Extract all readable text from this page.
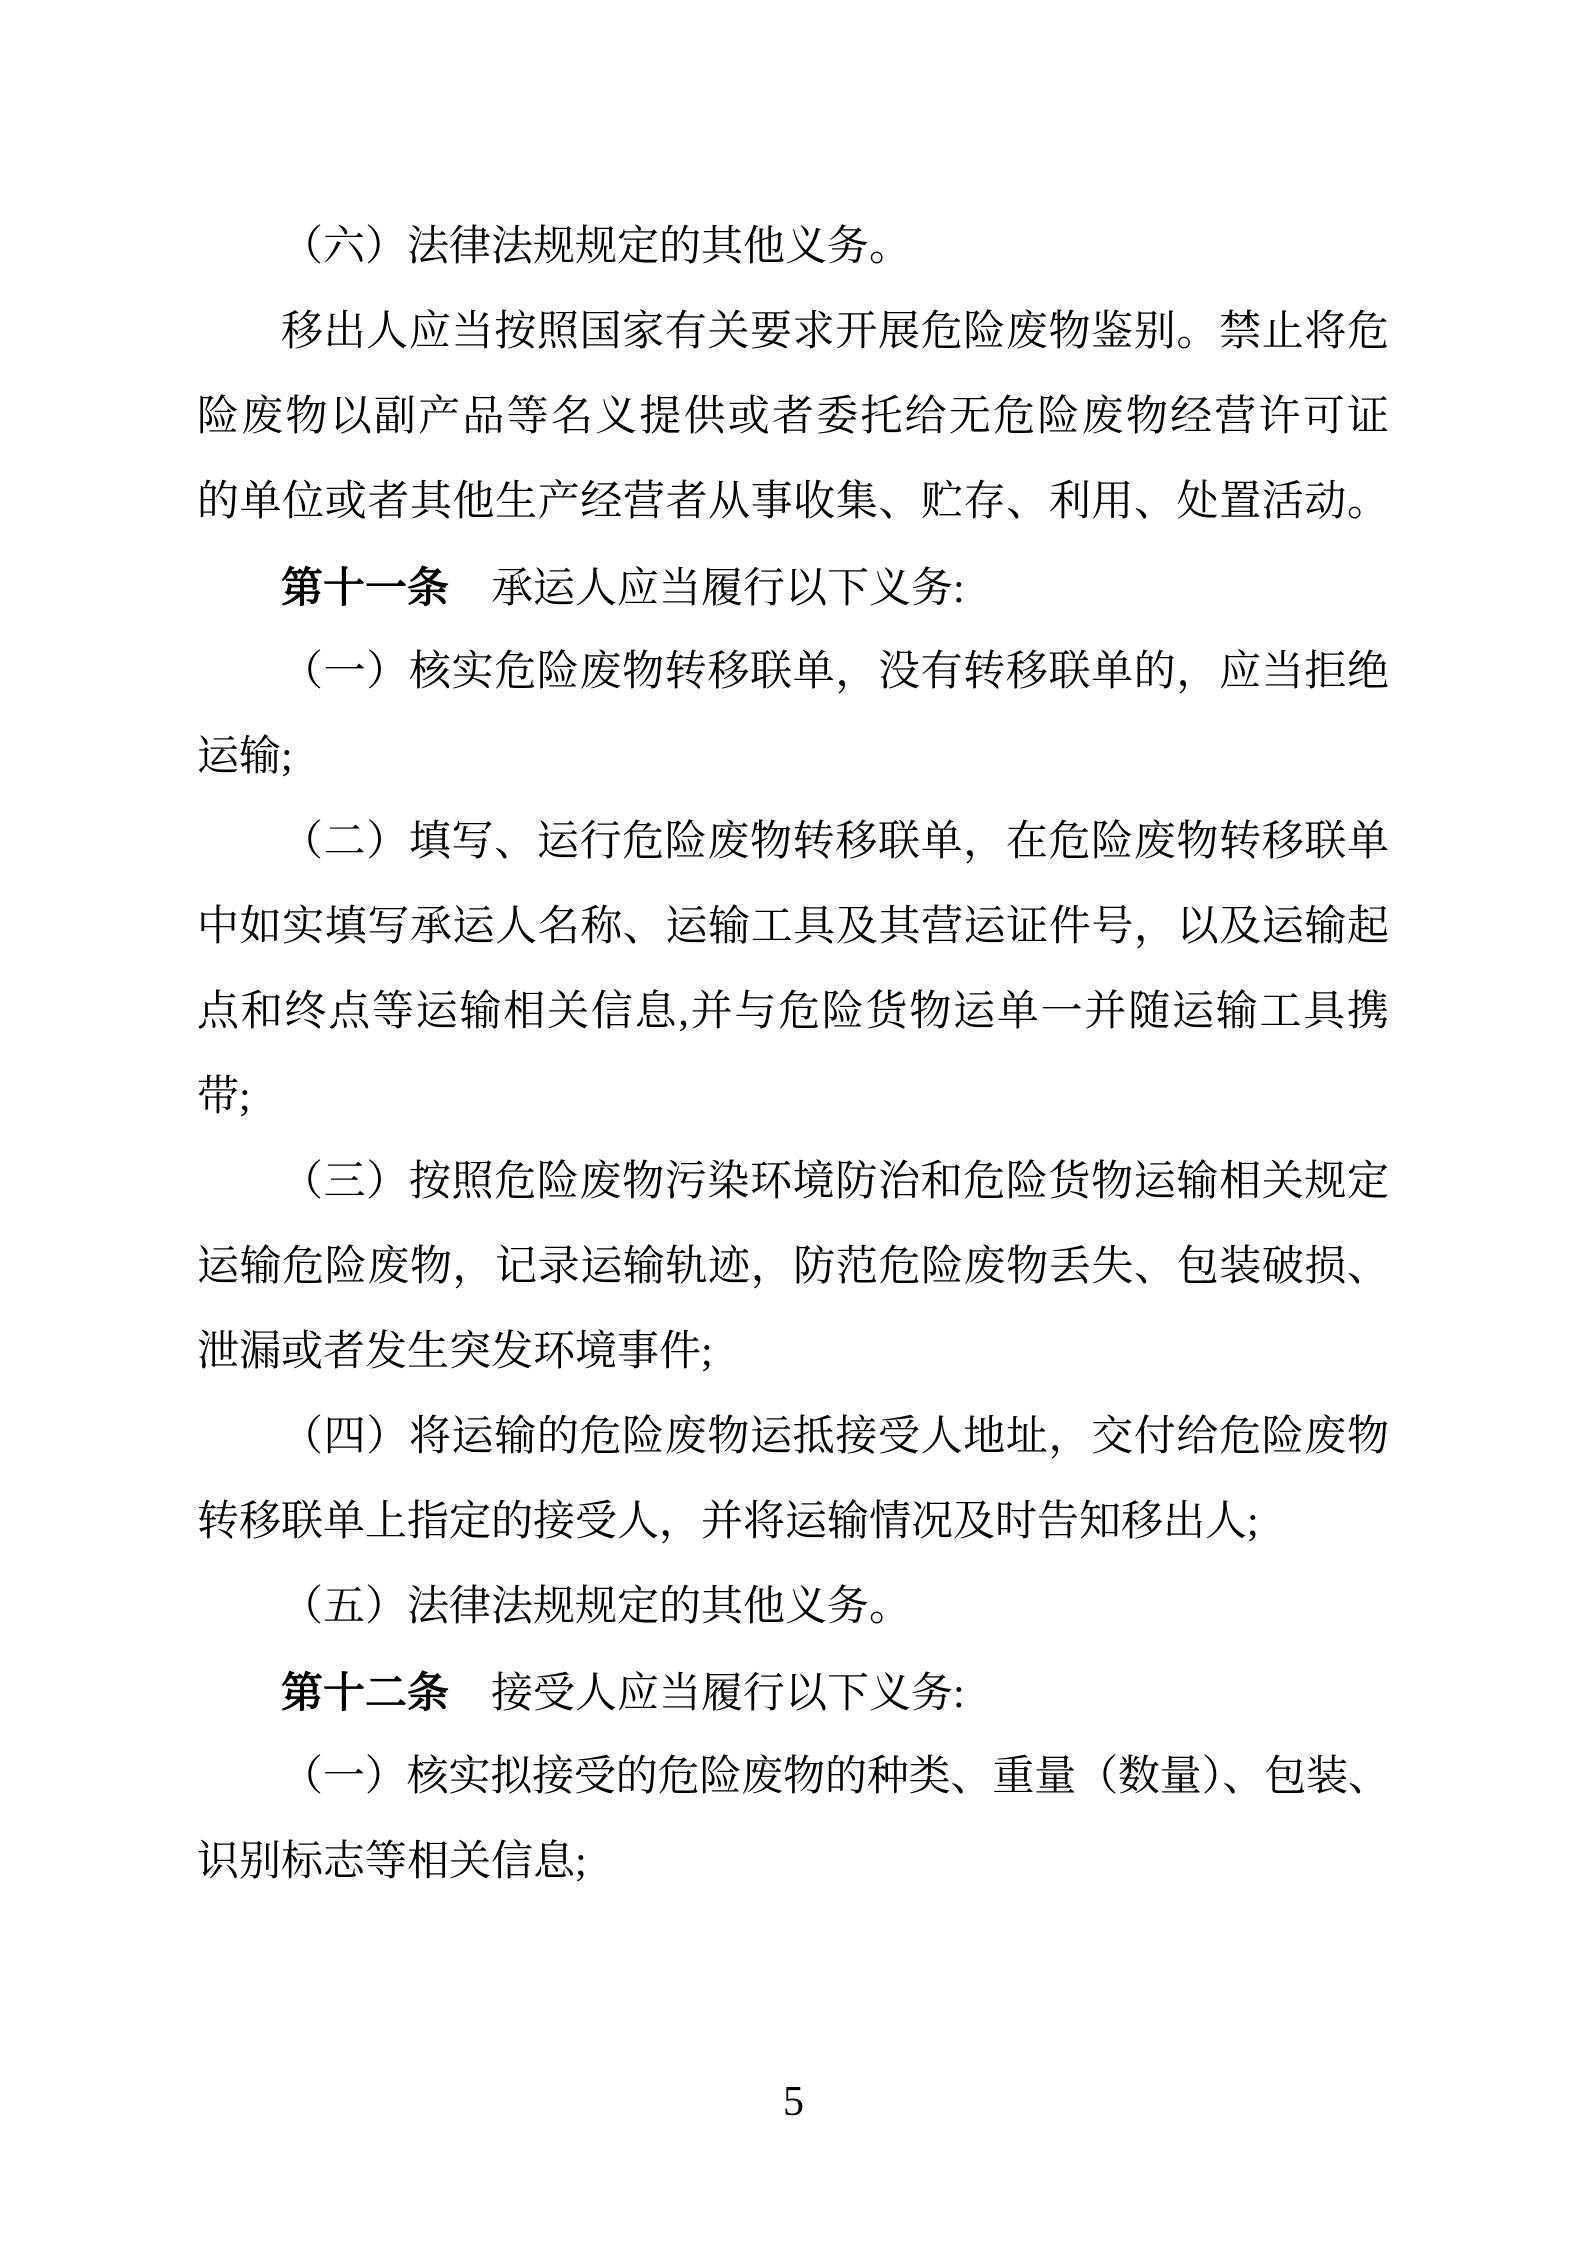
（六）法律法规规定的其他义务。
移出人应当按照国家有关要求开展危险废物鉴别。禁止将危
险废物以副产品等名义提供或者委托给无危险废物经营许可证
的单位或者其他生产经营者从事收集、贮存、利用、处置活动。
第十一条　承运人应当履行以下义务:
（一）核实危险废物转移联单，没有转移联单的，应当拒绝
运输;
（二）填写、运行危险废物转移联单，在危险废物转移联单
中如实填写承运人名称、运输工具及其营运证件号，以及运输起
点和终点等运输相关信息,并与危险货物运单一并随运输工具携
带;
（三）按照危险废物污染环境防治和危险货物运输相关规定
运输危险废物，记录运输轨迹，防范危险废物丢失、包装破损、
泄漏或者发生突发环境事件;
（四）将运输的危险废物运抵接受人地址，交付给危险废物
转移联单上指定的接受人，并将运输情况及时告知移出人;
（五）法律法规规定的其他义务。
第十二条　接受人应当履行以下义务:
（一）核实拟接受的危险废物的种类、重量（数量）、包装、
识别标志等相关信息;
5
